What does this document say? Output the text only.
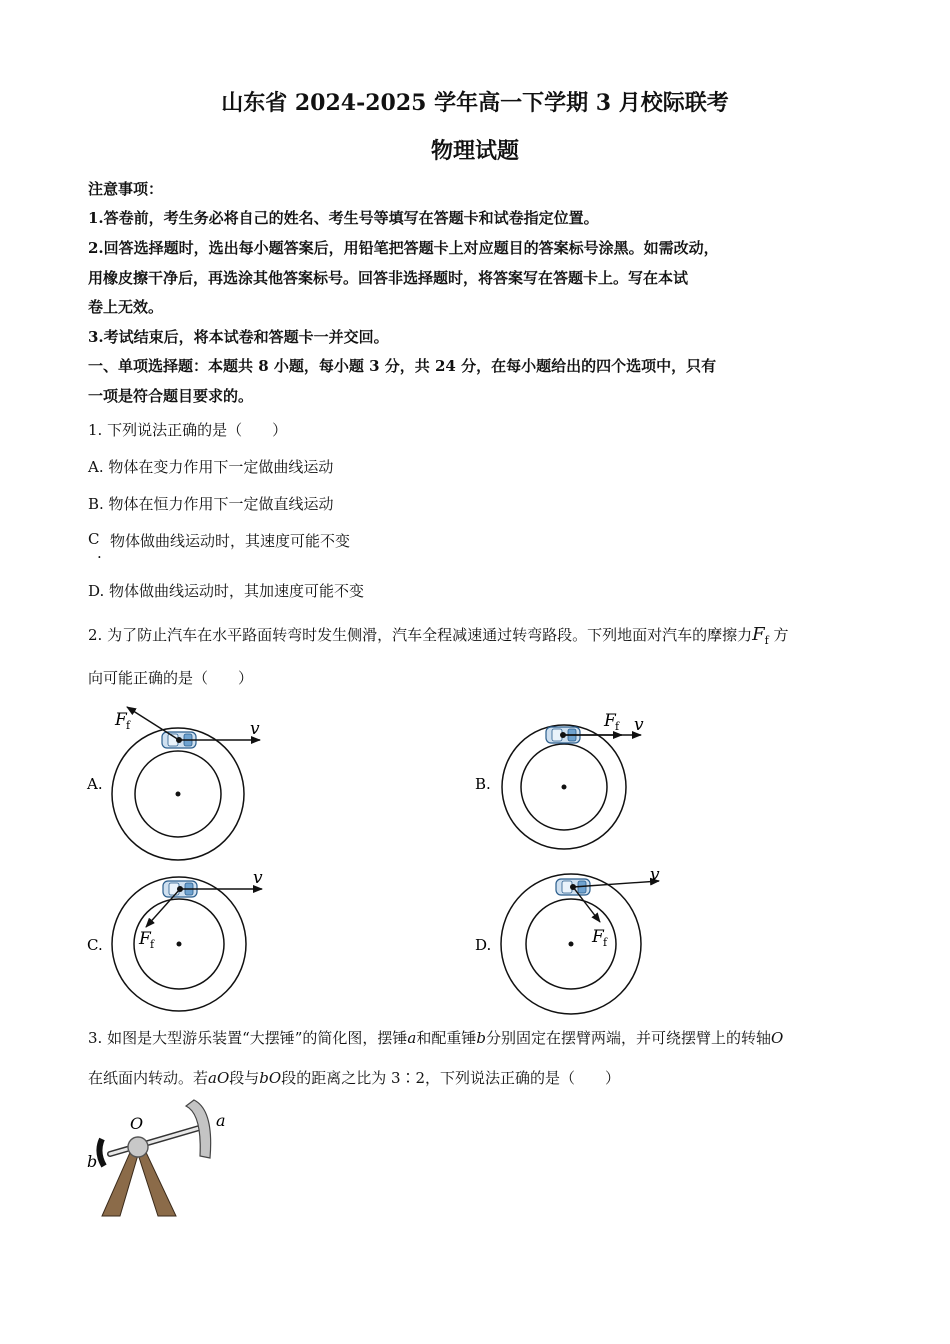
山东省 2024-2025 学年高一下学期 3 月校际联考
物理试题
注意事项：
1.答卷前，考生务必将自己的姓名、考生号等填写在答题卡和试卷指定位置。
2.回答选择题时，选出每小题答案后，用铅笔把答题卡上对应题目的答案标号涂黑。如需改动，
用橡皮擦干净后，再选涂其他答案标号。回答非选择题时，将答案写在答题卡上。写在本试
卷上无效。
3.考试结束后，将本试卷和答题卡一并交回。
一、单项选择题：本题共 8 小题，每小题 3 分，共 24 分，在每小题给出的四个选项中，只有
一项是符合题目要求的。
1. 下列说法正确的是（　　）
A. 物体在变力作用下一定做曲线运动
B. 物体在恒力作用下一定做直线运动
C 物体做曲线运动时，其速度可能不变
.
D. 物体做曲线运动时，其加速度可能不变
2. 为了防止汽车在水平路面转弯时发生侧滑，汽车全程减速通过转弯路段。下列地面对汽车的摩擦力$F_f$ 方
向可能正确的是（　　）
A.
v
F f
B.
v
F f
C.
v
F f	D.
v
F f
3. 如图是大型游乐装置“大摆锤”的简化图，摆锤a和配重锤b分别固定在摆臂两端，并可绕摆臂上的转轴O
在纸面内转动。若aO段与bO段的距离之比为 3∶2，下列说法正确的是（　　）
O	a
b
